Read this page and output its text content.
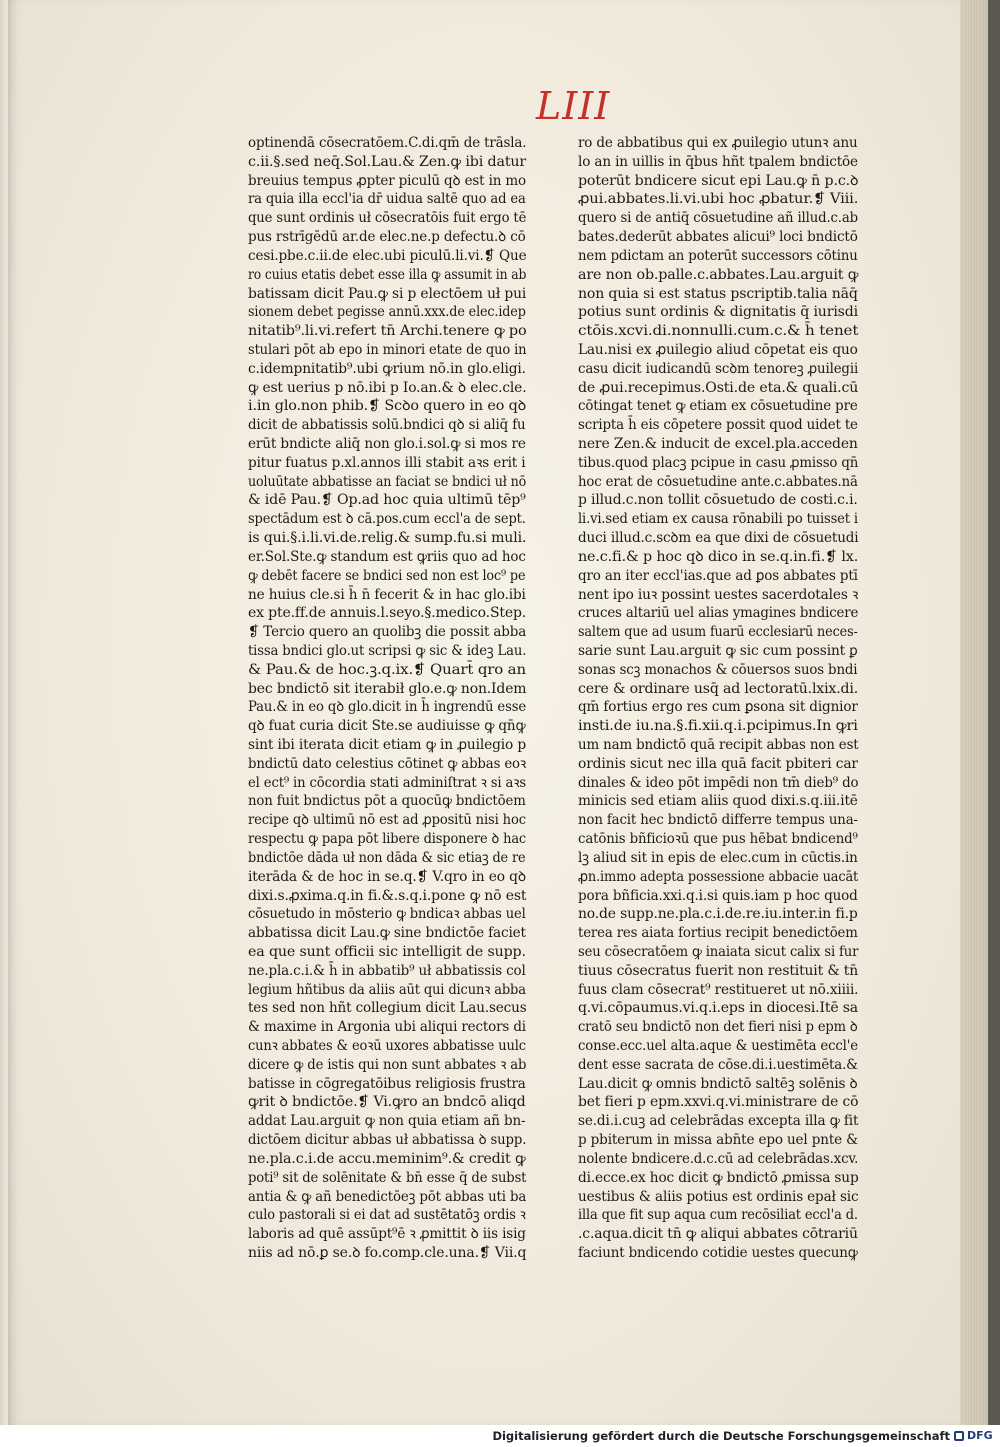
LIII
optinendā cōsecratōem.C.di.qm̄ de trāsla.
c.ii.§.sed neq̄.Sol.Lau.& Zen.ꝙ ibi datur
breuius tempus ꝓpter piculū qꝺ est in mo
ra quia illa eccl'ia dr̄ uidua saltē quo ad ea
que sunt ordinis uł cōsecratōis fuit ergo tē
pus rstrīgēdū ar.de elec.ne.p defectu.ꝺ cō
cesi.pbe.c.ii.de elec.ubi piculū.li.vi.❡ Que
ro cuius etatis debet esse illa ꝙ assumit in ab
batissam dicit Pau.ꝙ si p electōem uł pui
sionem debet pegisse annū.xxx.de elec.idep
nitatib⁹.li.vi.refert tn̄ Archi.tenere ꝙ po
stulari pōt ab epo in minori etate de quo in
c.idempnitatib⁹.ubi ꝙrium nō.in glo.eligi.
ꝙ est uerius p nō.ibi p Io.an.& ꝺ elec.cle.
i.in glo.non phib.❡ Scꝺo quero in eo qꝺ
dicit de abbatissis solū.bndici qꝺ si aliq̄ fu
erūt bndicte aliq̄ non glo.i.sol.ꝙ si mos re
pitur fuatus p.xl.annos illi stabit aꝛs erit i
uoluūtate abbatisse an faciat se bndici uł nō
& idē Pau.❡ Op.ad hoc quia ultimū tēp⁹
spectādum est ꝺ cā.pos.cum eccl'a de sept.
is qui.§.i.li.vi.de.relig.& sump.fu.si muli.
er.Sol.Ste.ꝙ standum est ꝙriis quo ad hoc
ꝙ debēt facere se bndici sed non est loc⁹ pe
ne huius cle.si h̄ n̄ fecerit & in hac glo.ibi
ex pte.ff.de annuis.l.seyo.§.medico.Step.
❡ Tercio quero an quolibꝫ die possit abba
tissa bndici glo.ut scripsi ꝙ sic & ideꝫ Lau.
& Pau.& de hoc.ꝫ.q.ix.❡ Quart̄ qro an
bec bndictō sit iterabił glo.e.ꝙ non.Idem
Pau.& in eo qꝺ glo.dicit in h̄ ingrendū esse
qꝺ fuat curia dicit Ste.se audiuisse ꝙ qn̄ꝙ
sint ibi iterata dicit etiam ꝙ in ꝓuilegio p
bndictū dato celestius cōtinet ꝙ abbas eoꝛ
el ect⁹ in cōcordia stati adminiſtrat ꝛ si aꝛs
non fuit bndictus pōt a quocūꝙ bndictōem
recipe qꝺ ultimū nō est ad ꝓpositū nisi hoc
respectu ꝙ papa pōt libere disponere ꝺ hac
bndictōe dāda uł non dāda & sic etiaꝫ de re
iterāda & de hoc in se.q.❡ V.qro in eo qꝺ
dixi.s.ꝓxima.q.in fi.&.s.q.i.pone ꝙ nō est
cōsuetudo in mōsterio ꝙ bndicaꝛ abbas uel
abbatissa dicit Lau.ꝙ sine bndictōe faciet
ea que sunt officii sic intelligit de supp.
ne.pla.c.i.& h̄ in abbatib⁹ uł abbatissis col
legium hñtibus da aliis aūt qui dicunꝛ abba
tes sed non hñt collegium dicit Lau.secus
& maxime in Argonia ubi aliqui rectors di
cunꝛ abbates & eoꝛū uxores abbatisse uulc
dicere ꝙ de istis qui non sunt abbates ꝛ ab
batisse in cōgregatōibus religiosis frustra
ꝙrit ꝺ bndictōe.❡ Vi.ꝙro an bndcō aliqd
addat Lau.arguit ꝙ non quia etiam añ bn-
dictōem dicitur abbas uł abbatissa ꝺ supp.
ne.pla.c.i.de accu.meminim⁹.& credit ꝙ
poti⁹ sit de solēnitate & bn̄ esse q̄ de subst
antia & ꝙ añ benedictōeꝫ pōt abbas uti ba
culo pastorali si ei dat ad sustētatōꝫ ordis ꝛ
laboris ad quē assūpt⁹ē ꝛ ꝓmittit ꝺ iis isig
niis ad nō.ꝑ se.ꝺ fo.comp.cle.una.❡ Vii.q
ro de abbatibus qui ex ꝓuilegio utunꝛ anu
lo an in uillis in q̄bus hñt tpalem bndictōe
poterūt bndicere sicut epi Lau.ꝙ n̄ p.c.ꝺ
ꝓui.abbates.li.vi.ubi hoc ꝓbatur.❡ Viii.
quero si de antiq̄ cōsuetudine añ illud.c.ab
bates.dederūt abbates alicui⁹ loci bndictō
nem pdictam an poterūt successors cōtinu
are non ob.palle.c.abbates.Lau.arguit ꝙ
non quia si est status pscriptib.talia nāq̄
potius sunt ordinis & dignitatis q̄ iurisdi
ctōis.xcvi.di.nonnulli.cum.c.& h̄ tenet
Lau.nisi ex ꝓuilegio aliud cōpetat eis quo
casu dicit iudicandū scꝺm tenoreꝫ ꝓuilegii
de ꝓui.recepimus.Osti.de eta.& quali.cū
cōtingat tenet ꝙ etiam ex cōsuetudine pre
scripta h̄ eis cōpetere possit quod uidet te
nere Zen.& inducit de excel.pla.acceden
tibus.quod placꝫ pcipue in casu ꝓmisso qn̄
hoc erat de cōsuetudine ante.c.abbates.nā
p illud.c.non tollit cōsuetudo de costi.c.i.
li.vi.sed etiam ex causa rōnabili po tuisset i
duci illud.c.scꝺm ea que dixi de cōsuetudi
ne.c.fi.& p hoc qꝺ dico in se.q.in.fi.❡ lx.
qro an iter eccl'ias.que ad ꝑos abbates ptī
nent ipo iuꝛ possint uestes sacerdotales ꝛ
cruces altariū uel alias ymagines bndicere
saltem que ad usum fuarū ecclesiarū neces-
sarie sunt Lau.arguit ꝙ sic cum possint ꝑ
sonas scꝫ monachos & cōuersos suos bndi
cere & ordinare usq̄ ad lectoratū.lxix.di.
qm̄ fortius ergo res cum ꝑsona sit dignior
insti.de iu.na.§.fi.xii.q.i.pcipimus.In ꝙri
um nam bndictō quā recipit abbas non est
ordinis sicut nec illa quā facit pbiteri car
dinales & ideo pōt impēdi non tm̄ dieb⁹ do
minicis sed etiam aliis quod dixi.s.q.iii.itē
non facit hec bndictō differre tempus una-
catōnis bñficioꝛū que pus hēbat bndicend⁹
lꝫ aliud sit in epis de elec.cum in cūctis.in
ꝓn.immo adepta possessione abbacie uacāt
pora bñficia.xxi.q.i.si quis.iam p hoc quod
no.de supp.ne.pla.c.i.de.re.iu.inter.in fi.p
terea res aiata fortius recipit benedictōem
seu cōsecratōem ꝙ inaiata sicut calix si fur
tiuus cōsecratus fuerit non restituit & tn̄
fuus clam cōsecrat⁹ restitueret ut nō.xiiii.
q.vi.cōpaumus.vi.q.i.eps in diocesi.Itē sa
cratō seu bndictō non det fieri nisi p epm ꝺ
conse.ecc.uel alta.aque & uestimēta eccl'e
dent esse sacrata de cōse.di.i.uestimēta.&
Lau.dicit ꝙ omnis bndictō saltēꝫ solēnis ꝺ
bet fieri p epm.xxvi.q.vi.ministrare de cō
se.di.i.cuꝫ ad celebrādas excepta illa ꝙ fit
p pbiterum in missa abn̄te epo uel pnte &
nolente bndicere.d.c.cū ad celebrādas.xcv.
di.ecce.ex hoc dicit ꝙ bndictō ꝓmissa sup
uestibus & aliis potius est ordinis epał sic
illa que fit sup aqua cum recōsiliat eccl'a d.
.c.aqua.dicit tn̄ ꝙ aliqui abbates cōtrariū
faciunt bndicendo cotidie uestes quecunꝙ
Digitalisierung gefördert durch die Deutsche Forschungsgemeinschaft DFG
